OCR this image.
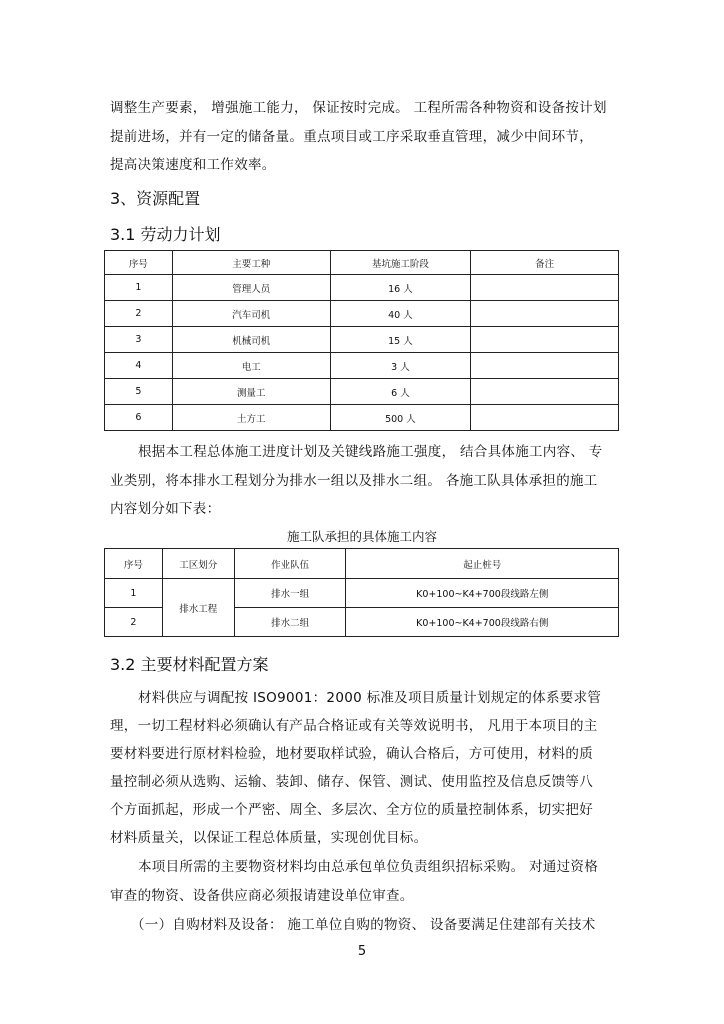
调整生产要素， 增强施工能力， 保证按时完成。 工程所需各种物资和设备按计划
提前进场，并有一定的储备量。重点项目或工序采取垂直管理，减少中间环节，
提高决策速度和工作效率。
3、资源配置
3.1 劳动力计划
序号	主要工种	基坑施工阶段	备注
1	管理人员	16 人	
2	汽车司机	40 人	
3	机械司机	15 人	
4	电工	3 人	
5	测量工	6 人	
6	土方工	500 人	
根据本工程总体施工进度计划及关键线路施工强度， 结合具体施工内容、 专
业类别，将本排水工程划分为排水一组以及排水二组。 各施工队具体承担的施工
内容划分如下表：
施工队承担的具体施工内容
序号	工区划分	作业队伍	起止桩号
1	排水工程	排水一组	K0+100~K4+700段线路左侧
2		排水二组	K0+100~K4+700段线路右侧
3.2 主要材料配置方案
材料供应与调配按 ISO9001：2000 标准及项目质量计划规定的体系要求管
理，一切工程材料必须确认有产品合格证或有关等效说明书， 凡用于本项目的主
要材料要进行原材料检验，地材要取样试验，确认合格后，方可使用，材料的质
量控制必须从选购、运输、装卸、储存、保管、测试、使用监控及信息反馈等八
个方面抓起，形成一个严密、周全、多层次、全方位的质量控制体系，切实把好
材料质量关，以保证工程总体质量，实现创优目标。
本项目所需的主要物资材料均由总承包单位负责组织招标采购。 对通过资格
审查的物资、设备供应商必须报请建设单位审查。
（一）自购材料及设备： 施工单位自购的物资、 设备要满足住建部有关技术
5
